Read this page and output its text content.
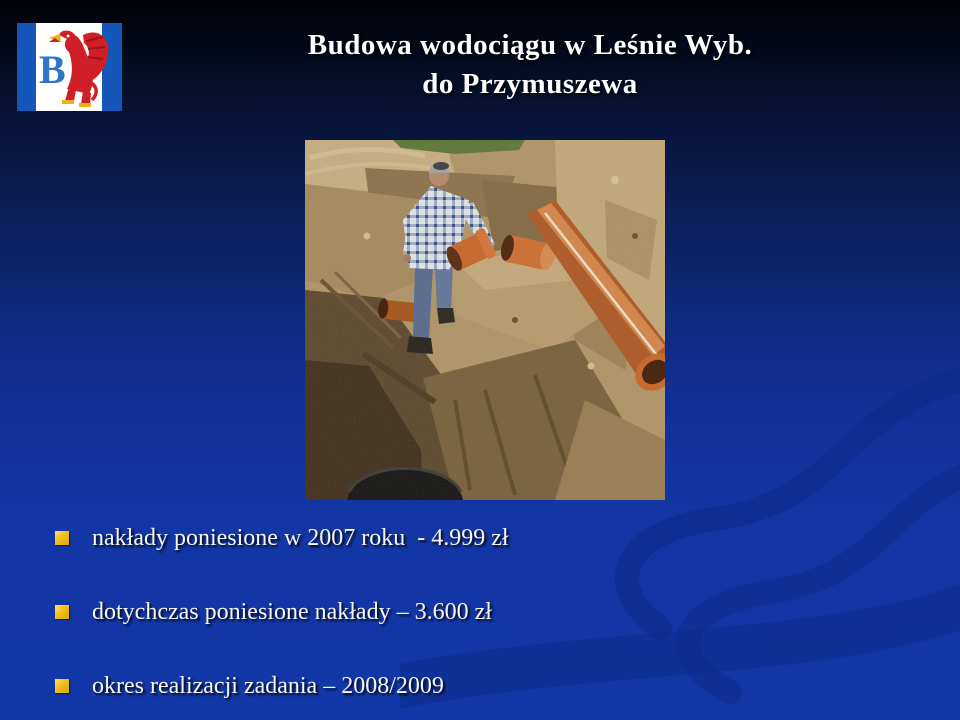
B
Budowa wodociągu w Leśnie Wyb.
do Przymuszewa
nakłady poniesione w 2007 roku  - 4.999 zł
dotychczas poniesione nakłady – 3.600 zł
okres realizacji zadania – 2008/2009
